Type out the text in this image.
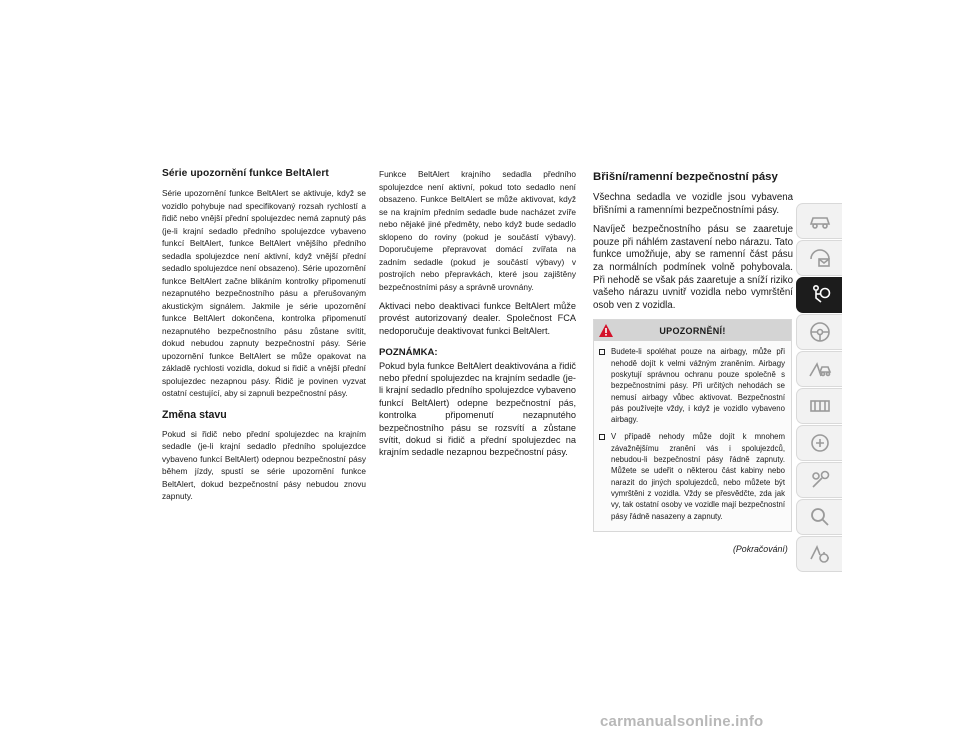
Série upozornění funkce BeltAlert

Série upozornění funkce BeltAlert se aktivuje, když se vozidlo pohybuje nad specifikovaný rozsah rychlostí a řidič nebo vnější přední spolujezdec nemá zapnutý pás (je-li krajní sedadlo předního spolujezdce vybaveno funkcí BeltAlert, funkce BeltAlert vnějšího předního sedadla spolujezdce není aktivní, když vnější přední sedadlo spolujezdce není obsazeno). Série upozornění funkce BeltAlert začne blikáním kontrolky připomenutí nezapnutého bezpečnostního pásu a přerušovaným akustickým signálem. Jakmile je série upozornění funkce BeltAlert dokončena, kontrolka připomenutí nezapnutého bezpečnostního pásu zůstane svítit, dokud nebudou zapnuty bezpečnostní pásy. Série upozornění funkce BeltAlert se může opakovat na základě rychlosti vozidla, dokud si řidič a vnější přední spolujezdec nezapnou pásy. Řidič je povinen vyzvat ostatní cestující, aby si zapnuli bezpečnostní pásy.

Změna stavu

Pokud si řidič nebo přední spolujezdec na krajním sedadle (je-li krajní sedadlo předního spolujezdce vybaveno funkcí BeltAlert) odepnou bezpečnostní pásy během jízdy, spustí se série upozornění funkce BeltAlert, dokud bezpečnostní pásy nebudou znovu zapnuty.

Funkce BeltAlert krajního sedadla předního spolujezdce není aktivní, pokud toto sedadlo není obsazeno. Funkce BeltAlert se může aktivovat, když se na krajním předním sedadle bude nacházet zvíře nebo nějaké jiné předměty, nebo když bude sedadlo sklopeno do roviny (pokud je součástí výbavy). Doporučujeme přepravovat domácí zvířata na zadním sedadle (pokud je součástí výbavy) v postrojích nebo přepravkách, které jsou zajištěny bezpečnostními pásy a správně urovnány.

Aktivaci nebo deaktivaci funkce BeltAlert může provést autorizovaný dealer. Společnost FCA nedoporučuje deaktivovat funkci BeltAlert.

POZNÁMKA:

Pokud byla funkce BeltAlert deaktivována a řidič nebo přední spolujezdec na krajním sedadle (je-li krajní sedadlo předního spolujezdce vybaveno funkcí BeltAlert) odepne bezpečnostní pás, kontrolka připomenutí nezapnutého bezpečnostního pásu se rozsvítí a zůstane svítit, dokud si řidič a přední spolujezdec na krajním sedadle nezapnou bezpečnostní pásy.

Břišní/ramenní bezpečnostní pásy

Všechna sedadla ve vozidle jsou vybavena břišními a ramenními bezpečnostními pásy.

Navíječ bezpečnostního pásu se zaaretuje pouze při náhlém zastavení nebo nárazu. Tato funkce umožňuje, aby se ramenní část pásu za normálních podmínek volně pohybovala. Při nehodě se však pás zaaretuje a sníží riziko vašeho nárazu uvnitř vozidla nebo vymrštění osob ven z vozidla.

UPOZORNĚNÍ!
Budete-li spoléhat pouze na airbagy, může při nehodě dojít k velmi vážným zraněním. Airbagy poskytují správnou ochranu pouze společně s bezpečnostními pásy. Při určitých nehodách se nemusí airbagy vůbec aktivovat. Bezpečnostní pás používejte vždy, i když je vozidlo vybaveno airbagy.
V případě nehody může dojít k mnohem závažnějšímu zranění vás i spolujezdců, nebudou-li bezpečnostní pásy řádně zapnuty. Můžete se udeřit o některou část kabiny nebo narazit do jiných spolujezdců, nebo můžete být vymrštěni z vozidla. Vždy se přesvědčte, zda jak vy, tak ostatní osoby ve vozidle mají bezpečnostní pásy řádně nasazeny a zapnuty.
(Pokračování)
carmanualsonline.info
